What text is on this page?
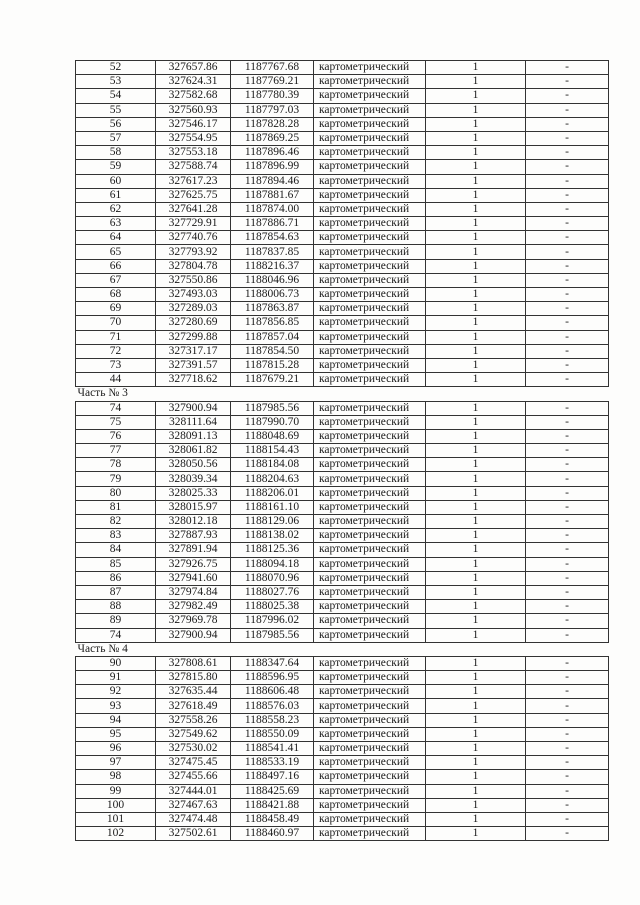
52	327657.86	1187767.68	картометрический	1	-
53	327624.31	1187769.21	картометрический	1	-
54	327582.68	1187780.39	картометрический	1	-
55	327560.93	1187797.03	картометрический	1	-
56	327546.17	1187828.28	картометрический	1	-
57	327554.95	1187869.25	картометрический	1	-
58	327553.18	1187896.46	картометрический	1	-
59	327588.74	1187896.99	картометрический	1	-
60	327617.23	1187894.46	картометрический	1	-
61	327625.75	1187881.67	картометрический	1	-
62	327641.28	1187874.00	картометрический	1	-
63	327729.91	1187886.71	картометрический	1	-
64	327740.76	1187854.63	картометрический	1	-
65	327793.92	1187837.85	картометрический	1	-
66	327804.78	1188216.37	картометрический	1	-
67	327550.86	1188046.96	картометрический	1	-
68	327493.03	1188006.73	картометрический	1	-
69	327289.03	1187863.87	картометрический	1	-
70	327280.69	1187856.85	картометрический	1	-
71	327299.88	1187857.04	картометрический	1	-
72	327317.17	1187854.50	картометрический	1	-
73	327391.57	1187815.28	картометрический	1	-
44	327718.62	1187679.21	картометрический	1	-
Часть № 3					
74	327900.94	1187985.56	картометрический	1	-
75	328111.64	1187990.70	картометрический	1	-
76	328091.13	1188048.69	картометрический	1	-
77	328061.82	1188154.43	картометрический	1	-
78	328050.56	1188184.08	картометрический	1	-
79	328039.34	1188204.63	картометрический	1	-
80	328025.33	1188206.01	картометрический	1	-
81	328015.97	1188161.10	картометрический	1	-
82	328012.18	1188129.06	картометрический	1	-
83	327887.93	1188138.02	картометрический	1	-
84	327891.94	1188125.36	картометрический	1	-
85	327926.75	1188094.18	картометрический	1	-
86	327941.60	1188070.96	картометрический	1	-
87	327974.84	1188027.76	картометрический	1	-
88	327982.49	1188025.38	картометрический	1	-
89	327969.78	1187996.02	картометрический	1	-
74	327900.94	1187985.56	картометрический	1	-
Часть № 4					
90	327808.61	1188347.64	картометрический	1	-
91	327815.80	1188596.95	картометрический	1	-
92	327635.44	1188606.48	картометрический	1	-
93	327618.49	1188576.03	картометрический	1	-
94	327558.26	1188558.23	картометрический	1	-
95	327549.62	1188550.09	картометрический	1	-
96	327530.02	1188541.41	картометрический	1	-
97	327475.45	1188533.19	картометрический	1	-
98	327455.66	1188497.16	картометрический	1	-
99	327444.01	1188425.69	картометрический	1	-
100	327467.63	1188421.88	картометрический	1	-
101	327474.48	1188458.49	картометрический	1	-
102	327502.61	1188460.97	картометрический	1	-
